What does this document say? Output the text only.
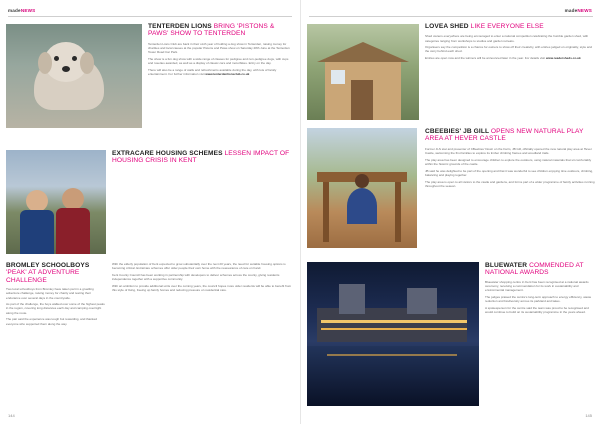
madeNEWS
TENTERDEN LIONS BRING 'PISTONS & PAWS' SHOW TO TENTERDEN

Tenterden Lions Club are back in their sixth year of holding a dog show in Tenterden, raising money for charities and local causes at the popular Pistons and Paws show on Saturday 28th June at the Tenterden Tower Road Car Park.

The show is a fun dog show with a wide range of classes for pedigree and non-pedigree dogs, with cups and rosettes awarded, as well as a display of classic cars and motorbikes. Entry on the day.

There will also be a range of stalls and refreshments available during the day, with lots of family entertainment. For further information visit www.tenterdenlionsclub.co.uk

EXTRACARE HOUSING SCHEMES LESSEN IMPACT OF HOUSING CRISIS IN KENT
BROMLEY SCHOOLBOYS 'PEAK' AT ADVENTURE CHALLENGE

Two local schoolboys from Bromley have taken part in a gruelling adventure challenge, raising money for charity and testing their endurance over several days in the countryside.

As part of the challenge, the boys walked over some of the highest peaks in the region, covering long distances each day and camping overnight along the route.

The pair said the experience was tough but rewarding, and thanked everyone who supported them along the way.

With the elderly population of Kent expected to grow substantially over the next 20 years, the need for suitable housing options is becoming critical. ExtraCare schemes offer older people their own home with the reassurance of care on hand.

Kent County Council has been working in partnership with developers to deliver schemes across the county, giving residents independence together with a supportive community.

With an ambition to provide additional units over the coming years, the council hopes more older residents will be able to benefit from this style of living, freeing up family homes and reducing pressure on residential care.

144
madeNEWS
LOVEA SHED LIKE EVERYONE ELSE

Shed owners everywhere are being encouraged to enter a national competition celebrating the humble garden shed, with categories ranging from workshops to studios and garden retreats.

Organisers say the competition is a chance for owners to show off their creativity, with entries judged on originality, style and the story behind each shed.

Entries are open now and the winners will be announced later in the year. For details visit www.readersheds.co.uk

CBEEBIES' JB GILL OPENS NEW NATURAL PLAY AREA AT HEVER CASTLE

Former JLS star and presenter of CBeebies' Down on the Farm, JB Gill, officially opened the new natural play area at Hever Castle, welcoming the first families to explore its timber climbing frames and woodland trails.

The play area has been designed to encourage children to explore the outdoors, using natural materials that sit comfortably within the historic grounds of the castle.

JB said he was delighted to be part of the opening and that it was wonderful to see children enjoying time outdoors, climbing, balancing and playing together.

The play area is open to all visitors to the castle and gardens, and forms part of a wider programme of family activities running throughout the season.

BLUEWATER COMMENDED AT NATIONAL AWARDS

Bluewater shopping centre in Kent has been recognised at a national awards ceremony, receiving a commendation for its work in sustainability and environmental management.

The judges praised the centre's long-term approach to energy efficiency, waste reduction and biodiversity across its parkland and lakes.

A spokesperson for the centre said the team was proud to be recognised and would continue to build on its sustainability programme in the years ahead.

145
